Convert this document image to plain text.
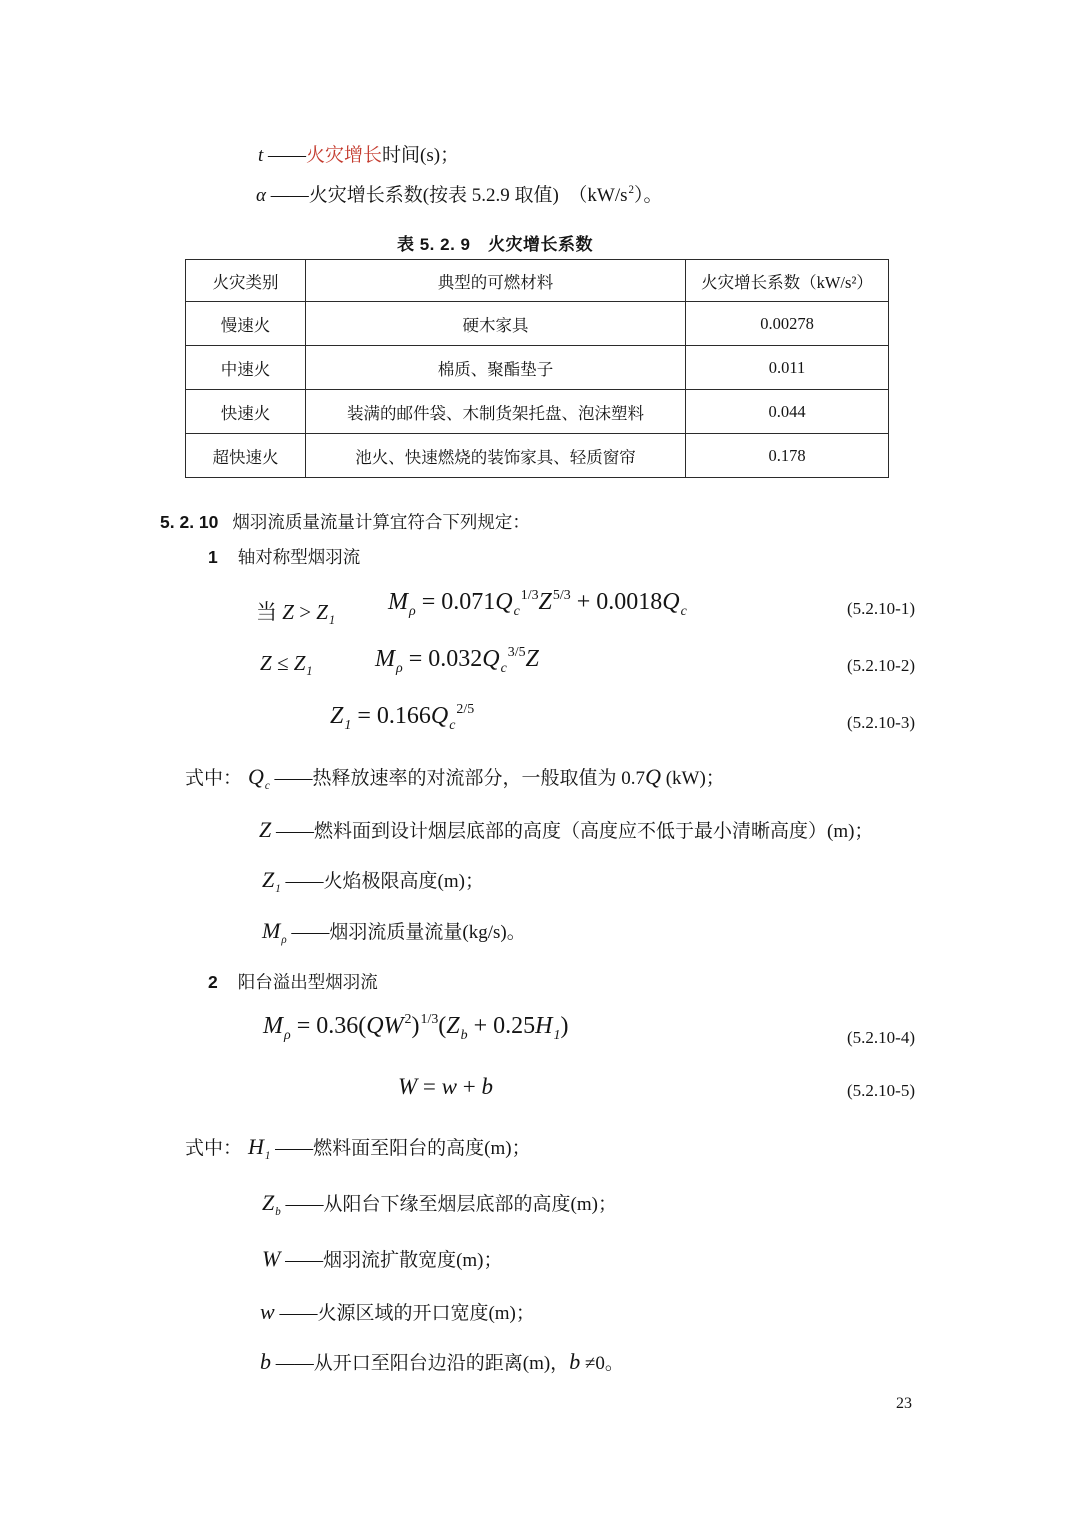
t ——火灾增长时间(s)；
α ——火灾增长系数(按表 5.2.9 取值)　$(kW/s^2)$。
表 5. 2. 9　火灾增长系数
火灾类别	典型的可燃材料	火灾增长系数（kW/s²）
慢速火	硬木家具	0.00278
中速火	棉质、聚酯垫子	0.011
快速火	装满的邮件袋、木制货架托盘、泡沫塑料	0.044
超快速火	池火、快速燃烧的装饰家具、轻质窗帘	0.178
5. 2. 10 烟羽流质量流量计算宜符合下列规定：
1 轴对称型烟羽流
当 $Z > Z_1$
$M_\rho = 0.071Q_c^{1/3}Z^{5/3} + 0.0018Q_c$	(5.2.10-1)
$Z \le Z_1$	$M_\rho = 0.032Q_c^{3/5}Z$	(5.2.10-2)
$Z_1 = 0.166Q_c^{2/5}$
(5.2.10-3)
式中： $Q_c$ ——热释放速率的对流部分，一般取值为 0.7Q (kW)；
Z ——燃料面到设计烟层底部的高度（高度应不低于最小清晰高度）(m)；
$Z_1$ ——火焰极限高度(m)；
$M_\rho$ ——烟羽流质量流量(kg/s)。
2 阳台溢出型烟羽流
$M_\rho = 0.36(QW^2)^{1/3}(Z_b + 0.25H_1)$	(5.2.10-4)
W = w + b	(5.2.10-5)
式中： $H_1$ ——燃料面至阳台的高度(m)；
$Z_b$ ——从阳台下缘至烟层底部的高度(m)；
W ——烟羽流扩散宽度(m)；
w ——火源区域的开口宽度(m)；
b ——从开口至阳台边沿的距离(m)，b ≠0。
23
